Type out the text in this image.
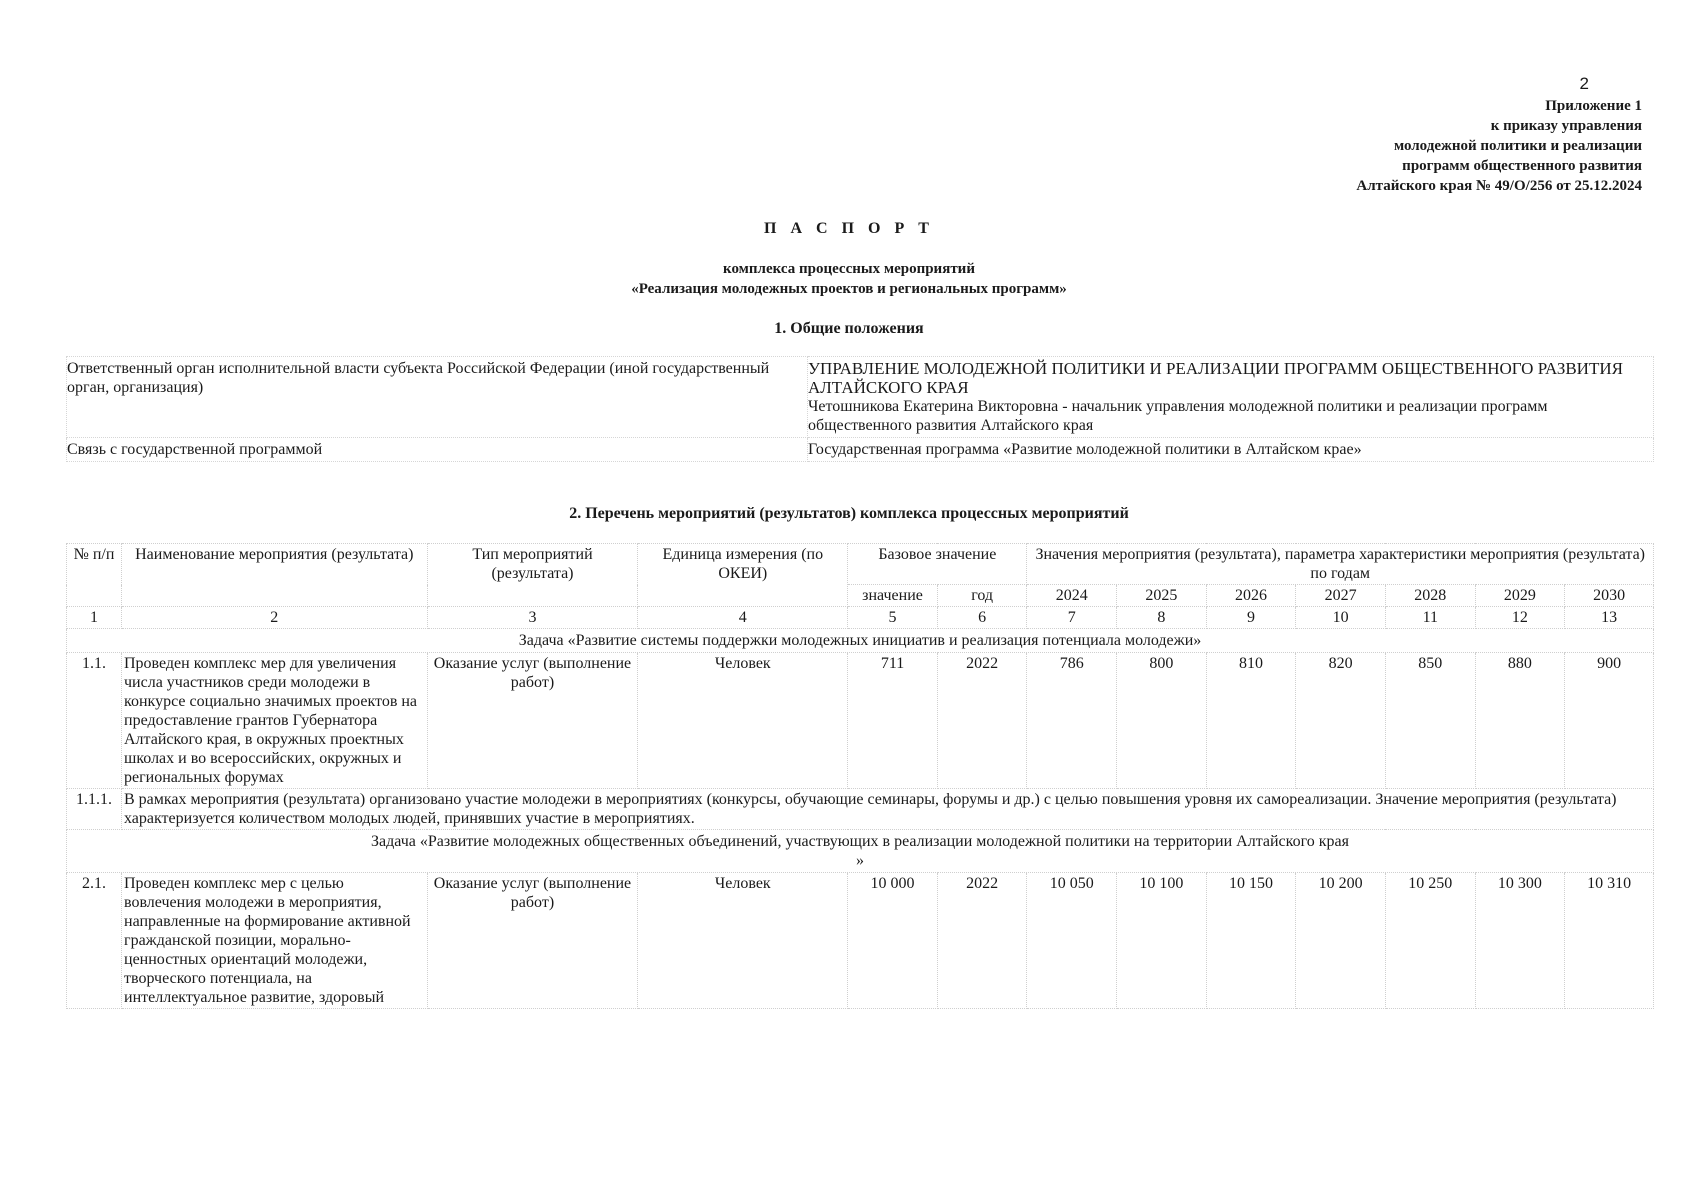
2
Приложение 1
к приказу управления
молодежной политики и реализации
программ общественного развития
Алтайского края № 49/О/256 от 25.12.2024
П А С П О Р Т
комплекса процессных мероприятий
«Реализация молодежных проектов и региональных программ»
1. Общие положения
Ответственный орган исполнительной власти субъекта Российской Федерации (иной государственный орган, организация)	УПРАВЛЕНИЕ МОЛОДЕЖНОЙ ПОЛИТИКИ И РЕАЛИЗАЦИИ ПРОГРАММ ОБЩЕСТВЕННОГО РАЗВИТИЯ АЛТАЙСКОГО КРАЯ
Четошникова Екатерина Викторовна - начальник управления молодежной политики и реализации программ общественного развития Алтайского края

Связь с государственной программой	Государственная программа «Развитие молодежной политики в Алтайском крае»
2. Перечень мероприятий (результатов) комплекса процессных мероприятий
№ п/п	Наименование мероприятия (результата)	Тип мероприятий (результата)	Единица измерения (по ОКЕИ)	Базовое значение		Значения мероприятия (результата), параметра характеристики мероприятия (результата) по годам						
				значение	год	2024	2025	2026	2027	2028	2029	2030
1	2	3	4	5	6	7	8	9	10	11	12	13
Задача «Развитие системы поддержки молодежных инициатив и реализация потенциала молодежи»												
1.1.	Проведен комплекс мер для увеличения числа участников среди молодежи в конкурсе социально значимых проектов на предоставление грантов Губернатора Алтайского края, в окружных проектных школах и во всероссийских, окружных и региональных форумах	Оказание услуг (выполнение работ)	Человек	711	2022	786	800	810	820	850	880	900
1.1.1.	В рамках мероприятия (результата) организовано участие молодежи в мероприятиях (конкурсы, обучающие семинары, форумы и др.) с целью повышения уровня их самореализации. Значение мероприятия (результата) характеризуется количеством молодых людей, принявших участие в мероприятиях.											

Задача «Развитие молодежных общественных объединений, участвующих в реализации молодежной политики на территории Алтайского края
»												

2.1.	Проведен комплекс мер с целью вовлечения молодежи в мероприятия, направленные на формирование активной гражданской позиции, морально-ценностных ориентаций молодежи, творческого потенциала, на интеллектуальное развитие, здоровый	Оказание услуг (выполнение работ)	Человек	10 000	2022	10 050	10 100	10 150	10 200	10 250	10 300	10 310
